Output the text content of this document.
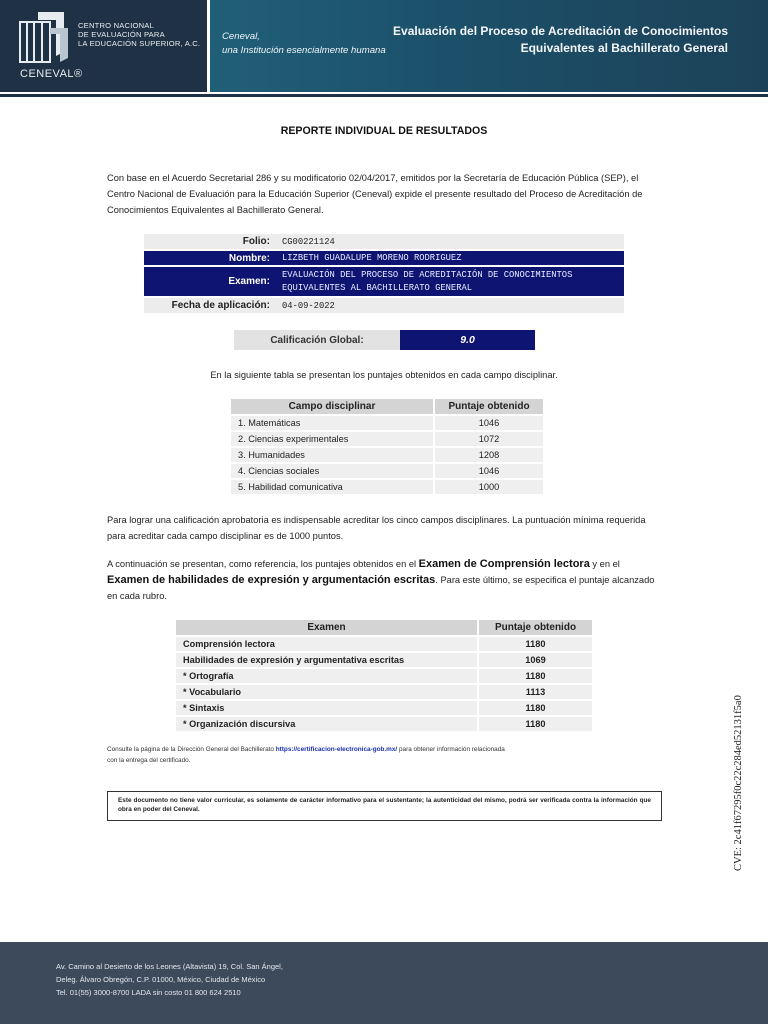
CENTRO NACIONAL
DE EVALUACIÓN PARA
LA EDUCACIÓN SUPERIOR, A.C.
CENEVAL®
Ceneval,
una Institución esencialmente humana
Evaluación del Proceso de Acreditación de Conocimientos
Equivalentes al Bachillerato General
REPORTE INDIVIDUAL DE RESULTADOS
Con base en el Acuerdo Secretarial 286 y su modificatorio 02/04/2017, emitidos por la Secretaría de Educación Pública (SEP), el Centro Nacional de Evaluación para la Educación Superior (Ceneval) expide el presente resultado del Proceso de Acreditación de Conocimientos Equivalentes al Bachillerato General.
Folio:	CG00221124
Nombre:	LIZBETH GUADALUPE MORENO RODRIGUEZ
Examen:
EVALUACIÓN DEL PROCESO DE ACREDITACIÓN DE CONOCIMIENTOS
EQUIVALENTES AL BACHILLERATO GENERAL
Fecha de aplicación:	04-09-2022
Calificación Global:	9.0
En la siguiente tabla se presentan los puntajes obtenidos en cada campo disciplinar.
Campo disciplinar	Puntaje obtenido
1. Matemáticas	1046
2. Ciencias experimentales	1072
3. Humanidades	1208
4. Ciencias sociales	1046
5. Habilidad comunicativa	1000
Para lograr una calificación aprobatoria es indispensable acreditar los cinco campos disciplinares. La puntuación mínima requerida para acreditar cada campo disciplinar es de 1000 puntos.
A continuación se presentan, como referencia, los puntajes obtenidos en el Examen de Comprensión lectora y en el Examen de habilidades de expresión y argumentación escritas. Para este último, se especifica el puntaje alcanzado en cada rubro.
Examen	Puntaje obtenido
Comprensión lectora	1180
Habilidades de expresión y argumentativa escritas	1069
* Ortografía	1180
* Vocabulario	1113
* Sintaxis	1180
* Organización discursiva	1180
Consulte la página de la Dirección General del Bachillerato https://certificacion-electronica-gob.mx/ para obtener información relacionada
con la entrega del certificado.
Este documento no tiene valor curricular, es solamente de carácter informativo para el sustentante; la autenticidad del mismo, podrá ser verificada contra la información que obra en poder del Ceneval.	CVE: 2c41f67295f0c22c284ed52131f5a0
Av. Camino al Desierto de los Leones (Altavista) 19, Col. San Ángel,
Deleg. Álvaro Obregón, C.P. 01000, México, Ciudad de México
Tel. 01(55) 3000-8700 LADA sin costo 01 800 624 2510
